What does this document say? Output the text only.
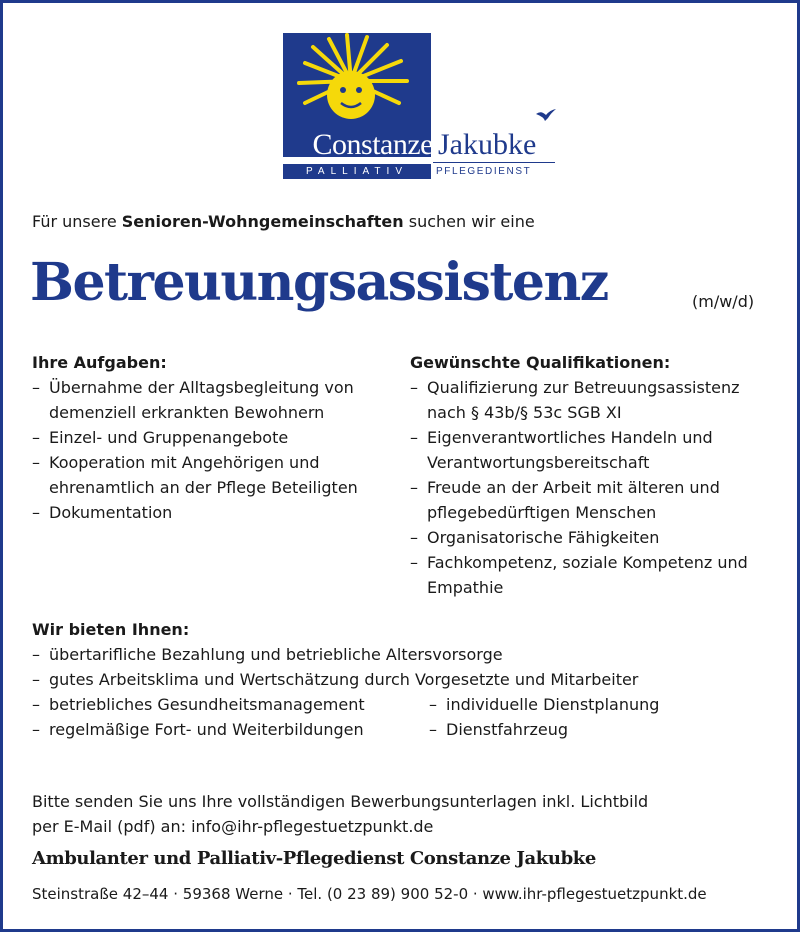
Constanze Jakubke
PALLIATIV	PFLEGEDIENST
Für unsere Senioren-Wohngemeinschaften suchen wir eine
Betreuungsassistenz	(m/w/d)
Ihre Aufgaben:
– Übernahme der Alltagsbegleitung von demenziell erkrankten Bewohnern
– Einzel- und Gruppenangebote
– Kooperation mit Angehörigen und ehrenamtlich an der Pflege Beteiligten
– Dokumentation
Gewünschte Qualifikationen:
– Qualifizierung zur Betreuungsassistenz nach § 43b/§ 53c SGB XI
– Eigenverantwortliches Handeln und Verantwortungsbereitschaft
– Freude an der Arbeit mit älteren und pflegebedürftigen Menschen
– Organisatorische Fähigkeiten
– Fachkompetenz, soziale Kompetenz und Empathie
Wir bieten Ihnen:
– übertarifliche Bezahlung und betriebliche Altersvorsorge
– gutes Arbeitsklima und Wertschätzung durch Vorgesetzte und Mitarbeiter
– betriebliches Gesundheitsmanagement	– individuelle Dienstplanung
– regelmäßige Fort- und Weiterbildungen	– Dienstfahrzeug
Bitte senden Sie uns Ihre vollständigen Bewerbungsunterlagen inkl. Lichtbild
per E-Mail (pdf) an: info@ihr-pflegestuetzpunkt.de
Ambulanter und Palliativ-Pflegedienst Constanze Jakubke
Steinstraße 42–44 · 59368 Werne · Tel. (0 23 89) 900 52-0 · www.ihr-pflegestuetzpunkt.de
